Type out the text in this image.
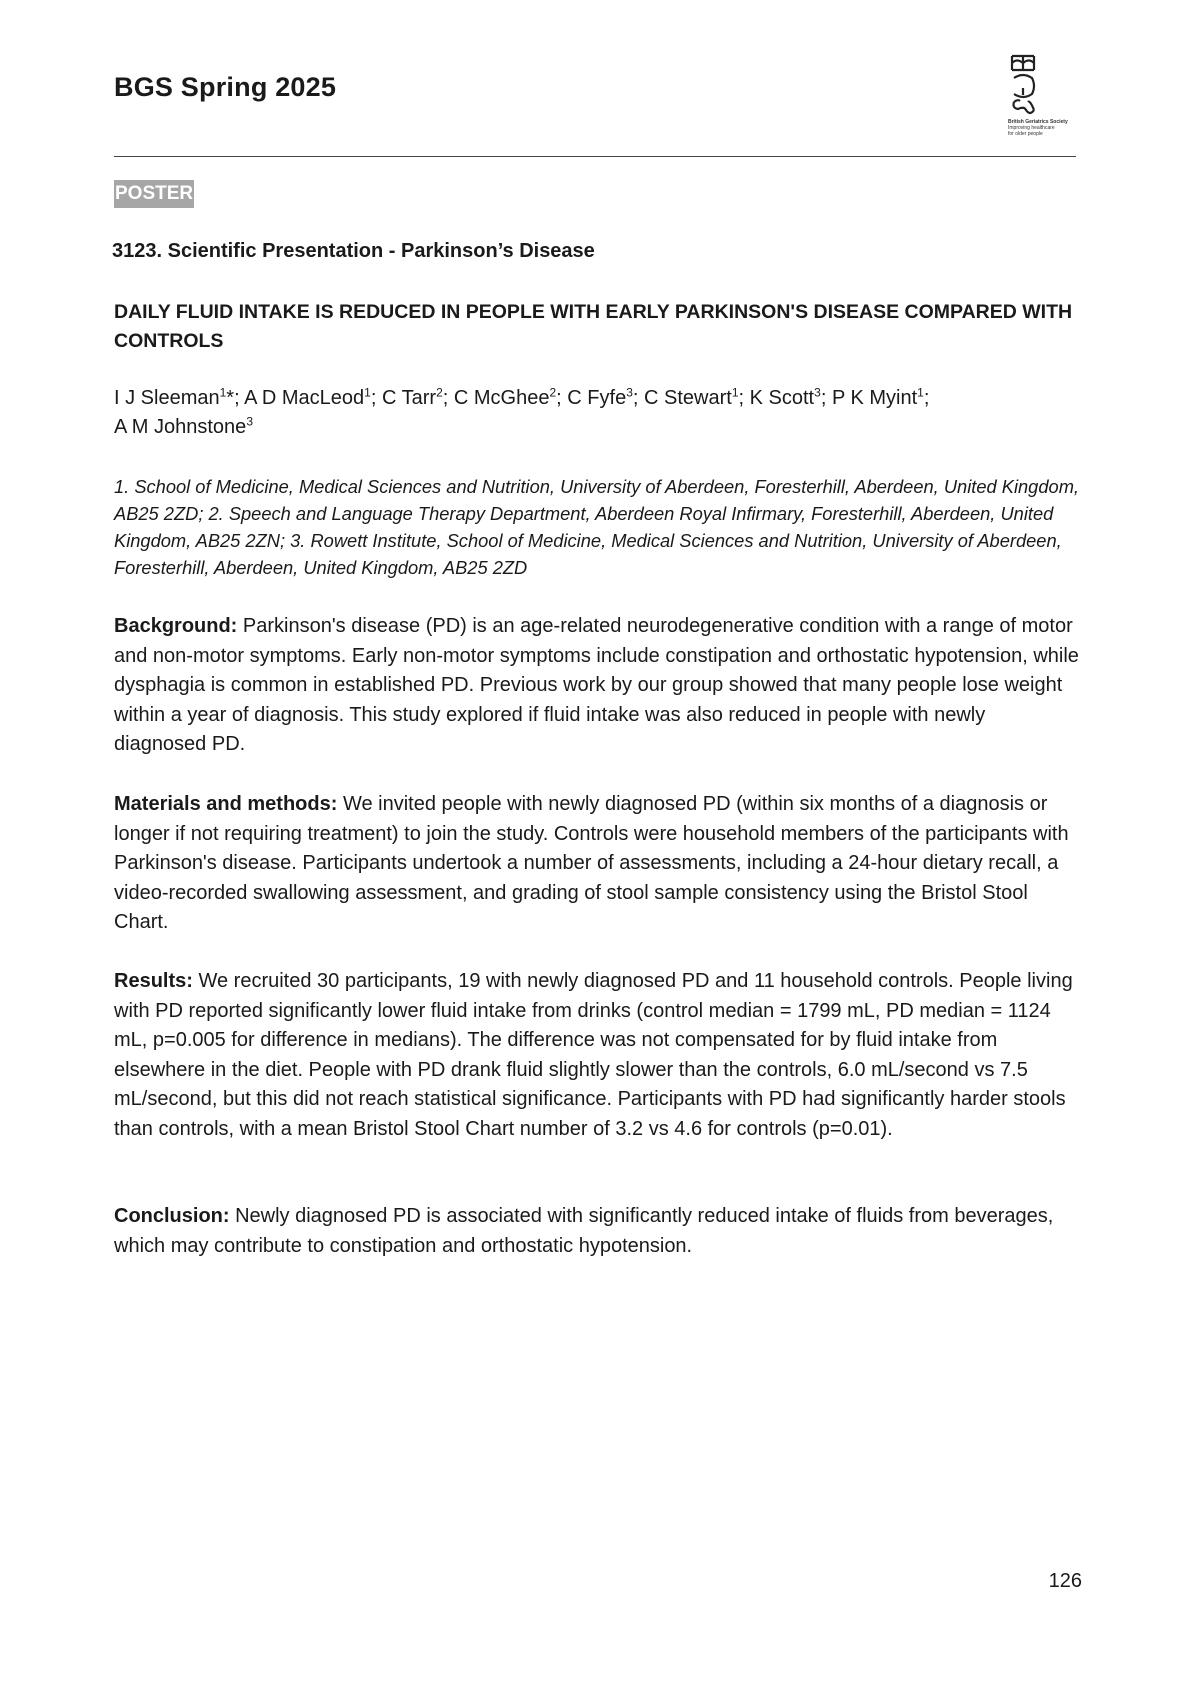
BGS Spring 2025
British Geriatrics Society
Improving healthcare
for older people
POSTER
3123. Scientific Presentation - Parkinson’s Disease
DAILY FLUID INTAKE IS REDUCED IN PEOPLE WITH EARLY PARKINSON'S DISEASE COMPARED WITH CONTROLS
I J Sleeman$^1$*; A D MacLeod$^1$; C Tarr$^2$; C McGhee$^2$; C Fyfe$^3$; C Stewart$^1$; K Scott$^3$; P K Myint$^1$;
A M Johnstone$^3$
1. School of Medicine, Medical Sciences and Nutrition, University of Aberdeen, Foresterhill, Aberdeen, United Kingdom, AB25 2ZD; 2. Speech and Language Therapy Department, Aberdeen Royal Infirmary, Foresterhill, Aberdeen, United Kingdom, AB25 2ZN; 3. Rowett Institute, School of Medicine, Medical Sciences and Nutrition, University of Aberdeen, Foresterhill, Aberdeen, United Kingdom, AB25 2ZD
Background: Parkinson's disease (PD) is an age-related neurodegenerative condition with a range of motor and non-motor symptoms. Early non-motor symptoms include constipation and orthostatic hypotension, while dysphagia is common in established PD. Previous work by our group showed that many people lose weight within a year of diagnosis. This study explored if fluid intake was also reduced in people with newly diagnosed PD.
Materials and methods: We invited people with newly diagnosed PD (within six months of a diagnosis or longer if not requiring treatment) to join the study. Controls were household members of the participants with Parkinson's disease. Participants undertook a number of assessments, including a 24-hour dietary recall, a video-recorded swallowing assessment, and grading of stool sample consistency using the Bristol Stool Chart.
Results: We recruited 30 participants, 19 with newly diagnosed PD and 11 household controls. People living with PD reported significantly lower fluid intake from drinks (control median = 1799 mL, PD median = 1124 mL, p=0.005 for difference in medians). The difference was not compensated for by fluid intake from elsewhere in the diet. People with PD drank fluid slightly slower than the controls, 6.0 mL/second vs 7.5 mL/second, but this did not reach statistical significance. Participants with PD had significantly harder stools than controls, with a mean Bristol Stool Chart number of 3.2 vs 4.6 for controls (p=0.01).
Conclusion: Newly diagnosed PD is associated with significantly reduced intake of fluids from beverages, which may contribute to constipation and orthostatic hypotension.
126
